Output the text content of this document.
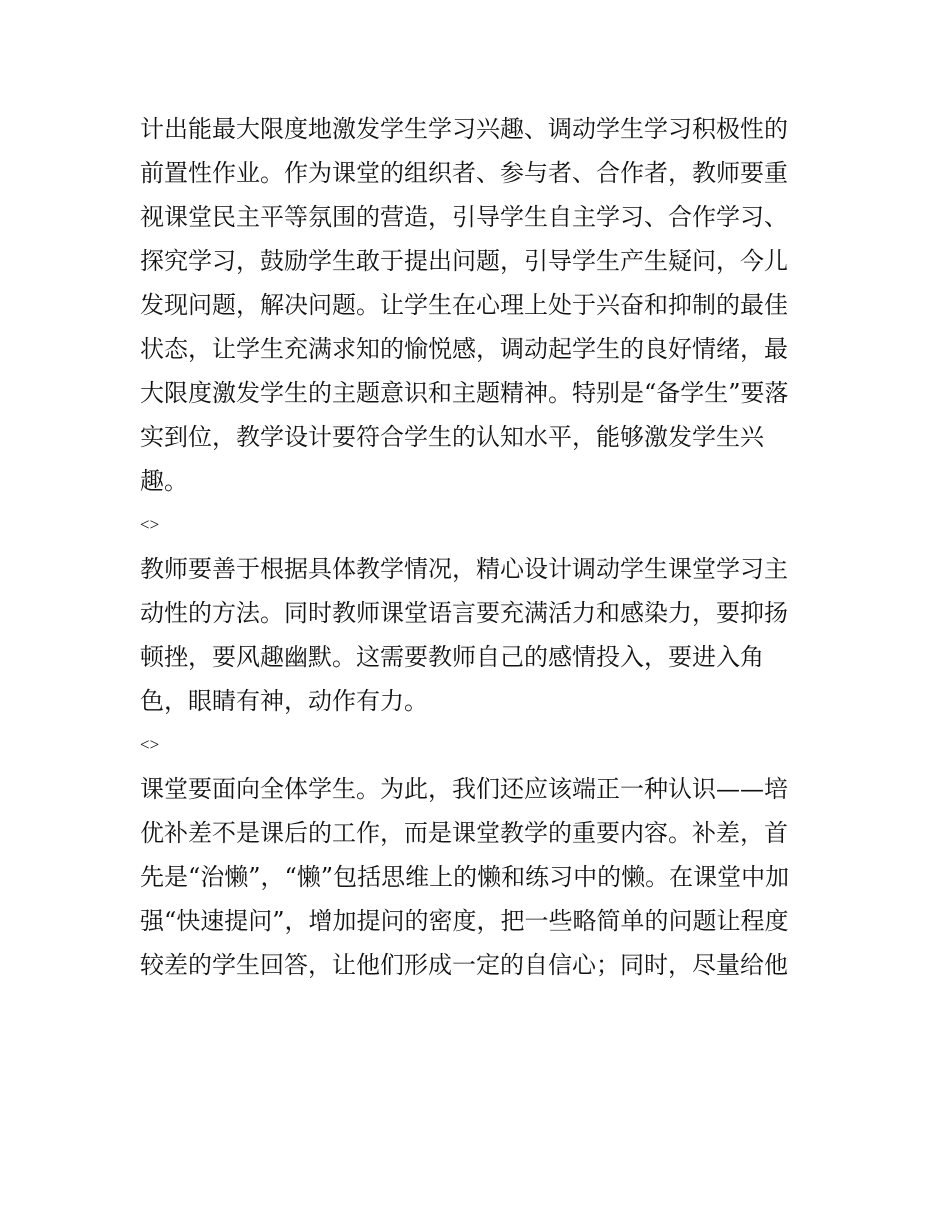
计出能最大限度地激发学生学习兴趣、调动学生学习积极性的
前置性作业。作为课堂的组织者、参与者、合作者，教师要重
视课堂民主平等氛围的营造，引导学生自主学习、合作学习、
探究学习，鼓励学生敢于提出问题，引导学生产生疑问，今儿
发现问题，解决问题。让学生在心理上处于兴奋和抑制的最佳
状态，让学生充满求知的愉悦感，调动起学生的良好情绪，最
大限度激发学生的主题意识和主题精神。特别是“备学生”要落
实到位，教学设计要符合学生的认知水平，能够激发学生兴
趣。
<>
教师要善于根据具体教学情况，精心设计调动学生课堂学习主
动性的方法。同时教师课堂语言要充满活力和感染力，要抑扬
顿挫，要风趣幽默。这需要教师自己的感情投入，要进入角
色，眼睛有神，动作有力。
<>
课堂要面向全体学生。为此，我们还应该端正一种认识——培
优补差不是课后的工作，而是课堂教学的重要内容。补差，首
先是“治懒”，“懒”包括思维上的懒和练习中的懒。在课堂中加
强“快速提问”，增加提问的密度，把一些略简单的问题让程度
较差的学生回答，让他们形成一定的自信心；同时，尽量给他
